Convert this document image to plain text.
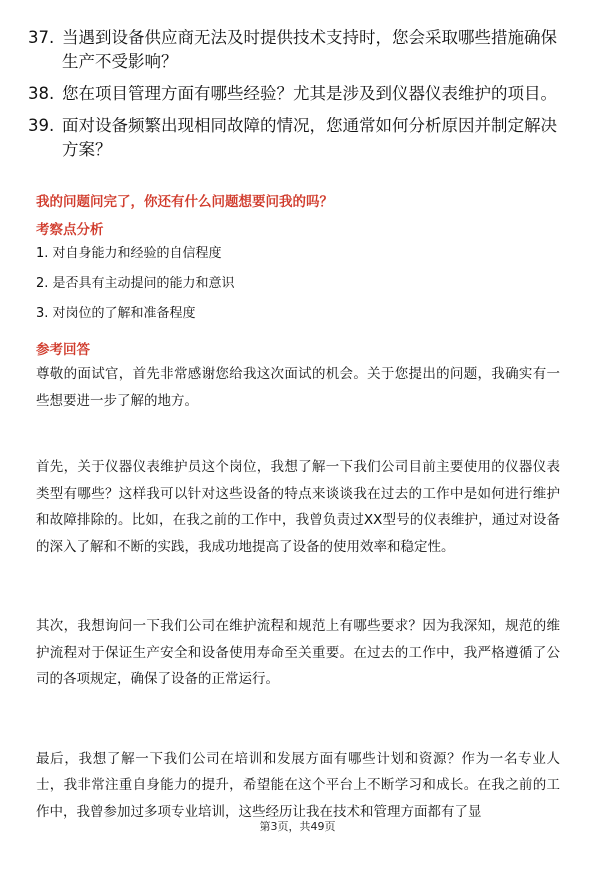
37. 当遇到设备供应商无法及时提供技术支持时，您会采取哪些措施确保生产不受影响？
38. 您在项目管理方面有哪些经验？尤其是涉及到仪器仪表维护的项目。
39. 面对设备频繁出现相同故障的情况，您通常如何分析原因并制定解决方案？
我的问题问完了，你还有什么问题想要问我的吗？
考察点分析
1. 对自身能力和经验的自信程度
2. 是否具有主动提问的能力和意识
3. 对岗位的了解和准备程度
参考回答

尊敬的面试官，首先非常感谢您给我这次面试的机会。关于您提出的问题，我确实有一些想要进一步了解的地方。

首先，关于仪器仪表维护员这个岗位，我想了解一下我们公司目前主要使用的仪器仪表类型有哪些？这样我可以针对这些设备的特点来谈谈我在过去的工作中是如何进行维护和故障排除的。比如，在我之前的工作中，我曾负责过XX型号的仪表维护，通过对设备的深入了解和不断的实践，我成功地提高了设备的使用效率和稳定性。

其次，我想询问一下我们公司在维护流程和规范上有哪些要求？因为我深知，规范的维护流程对于保证生产安全和设备使用寿命至关重要。在过去的工作中，我严格遵循了公司的各项规定，确保了设备的正常运行。

最后，我想了解一下我们公司在培训和发展方面有哪些计划和资源？作为一名专业人士，我非常注重自身能力的提升，希望能在这个平台上不断学习和成长。在我之前的工作中，我曾参加过多项专业培训，这些经历让我在技术和管理方面都有了显

第3页，共49页
